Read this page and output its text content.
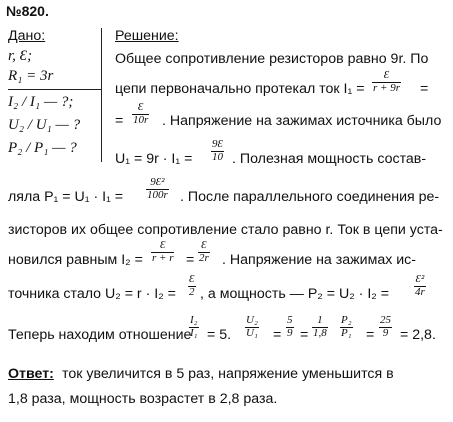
№820.
Дано:
r, Ɛ;
R₁ = 3r
I₂ / I₁ — ?;
U₂ / U₁ — ?
P₂ / P₁ — ?
Решение:
Общее сопротивление резисторов равно 9r. По
цепи первоначально протекал ток I₁ =
Ɛ
r + 9r =
=
Ɛ
10r . Напряжение на зажимах источника было
U₁ = 9r · I₁ =
9Ɛ
10 . Полезная мощность состав-
ляла P₁ = U₁ · I₁ =
9Ɛ²
100r . После параллельного соединения ре-
зисторов их общее сопротивление стало равно r. Ток в цепи уста-
новился равным I₂ =
Ɛ
r + r =
Ɛ
2r . Напряжение на зажимах ис-
точника стало U₂ = r · I₂ =
Ɛ
2 , а мощность — P₂ = U₂ · I₂ =
Ɛ²
4r
Теперь находим отношение
I₂
I₁ = 5.
U₂
U₁ =
5
9 =
1
1,8
P₂
P₁ =
25
9 = 2,8.
Ответ: ток увеличится в 5 раз, напряжение уменьшится в
1,8 раза, мощность возрастет в 2,8 раза.
